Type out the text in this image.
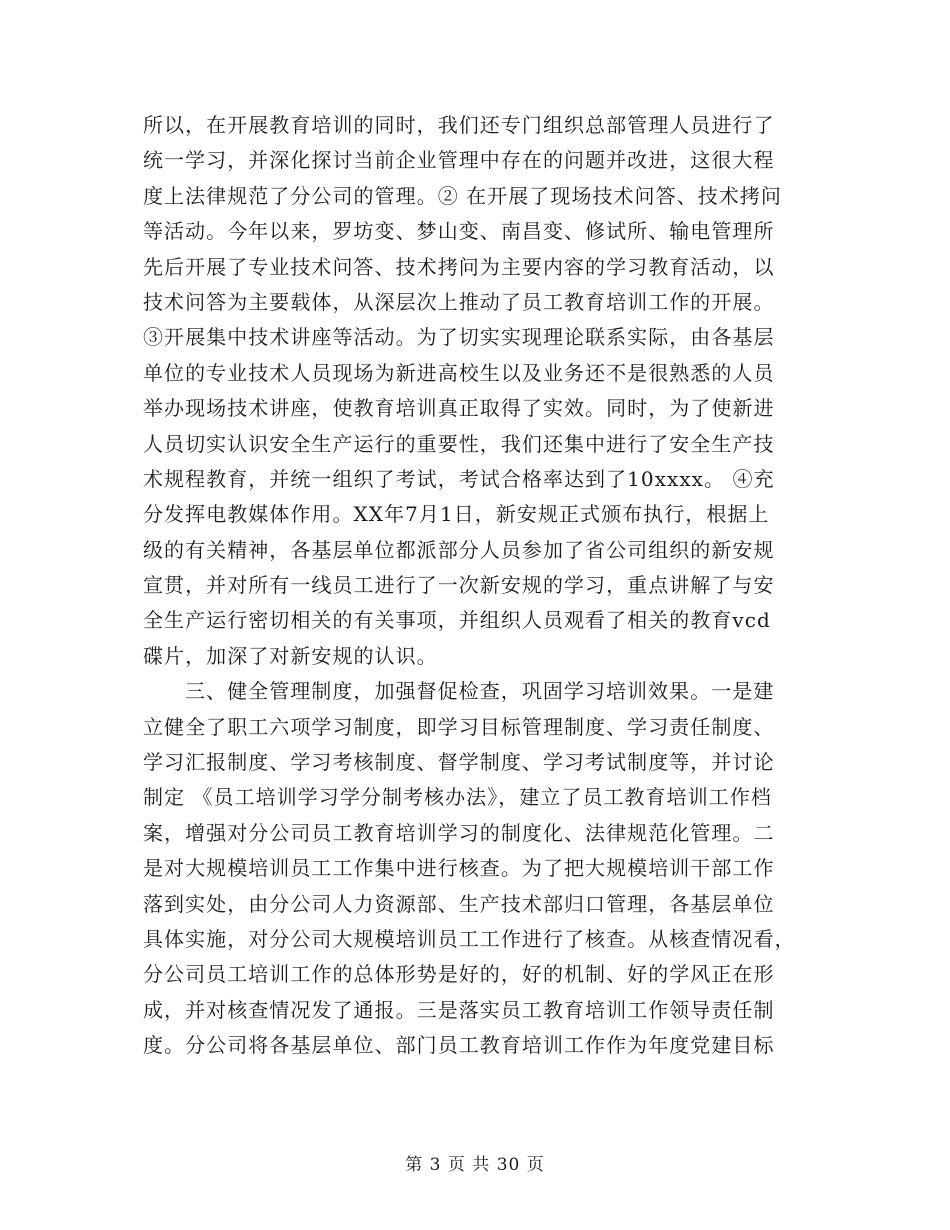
所以，在开展教育培训的同时，我们还专门组织总部管理人员进行了
统一学习，并深化探讨当前企业管理中存在的问题并改进，这很大程
度上法律规范了分公司的管理。② 在开展了现场技术问答、技术拷问
等活动。今年以来，罗坊变、梦山变、南昌变、修试所、输电管理所
先后开展了专业技术问答、技术拷问为主要内容的学习教育活动，以
技术问答为主要载体，从深层次上推动了员工教育培训工作的开展。
③开展集中技术讲座等活动。为了切实实现理论联系实际，由各基层
单位的专业技术人员现场为新进高校生以及业务还不是很熟悉的人员
举办现场技术讲座，使教育培训真正取得了实效。同时，为了使新进
人员切实认识安全生产运行的重要性，我们还集中进行了安全生产技
术规程教育，并统一组织了考试，考试合格率达到了10xxxx。 ④充
分发挥电教媒体作用。XX年7月1日，新安规正式颁布执行，根据上
级的有关精神，各基层单位都派部分人员参加了省公司组织的新安规
宣贯，并对所有一线员工进行了一次新安规的学习，重点讲解了与安
全生产运行密切相关的有关事项，并组织人员观看了相关的教育vcd
碟片，加深了对新安规的认识。
三、健全管理制度，加强督促检查，巩固学习培训效果。一是建
立健全了职工六项学习制度，即学习目标管理制度、学习责任制度、
学习汇报制度、学习考核制度、督学制度、学习考试制度等，并讨论
制定 《员工培训学习学分制考核办法》，建立了员工教育培训工作档
案，增强对分公司员工教育培训学习的制度化、法律规范化管理。二
是对大规模培训员工工作集中进行核查。为了把大规模培训干部工作
落到实处，由分公司人力资源部、生产技术部归口管理，各基层单位
具体实施，对分公司大规模培训员工工作进行了核查。从核查情况看，
分公司员工培训工作的总体形势是好的，好的机制、好的学风正在形
成，并对核查情况发了通报。三是落实员工教育培训工作领导责任制
度。分公司将各基层单位、部门员工教育培训工作作为年度党建目标
第 3 页 共 30 页
